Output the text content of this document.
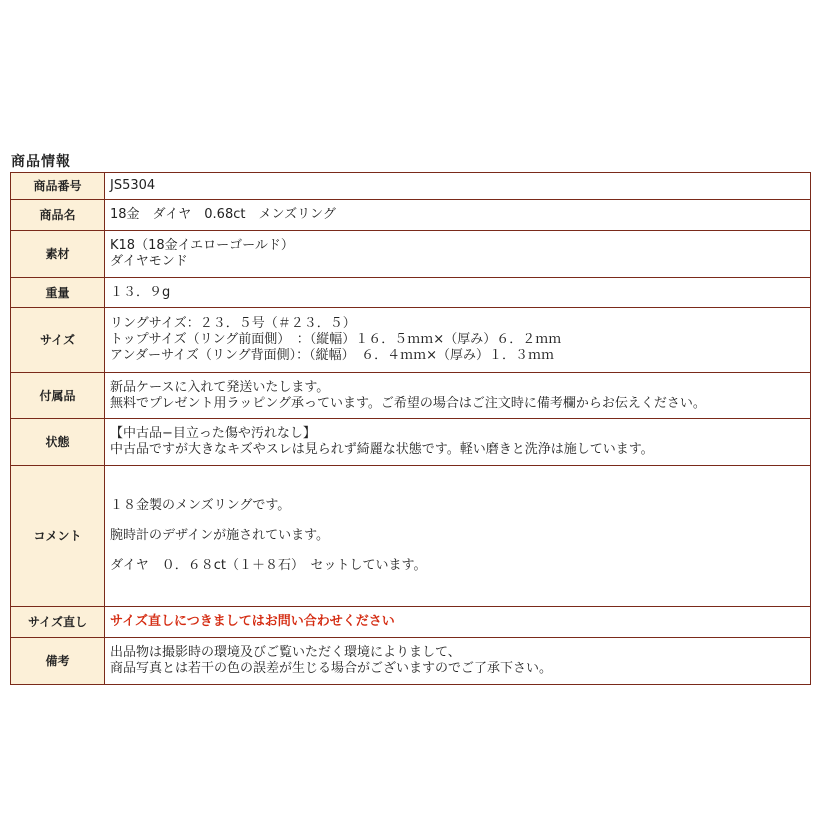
商品情報
商品番号	JS5304
商品名	18金　ダイヤ　0.68ct　メンズリング
素材	K18（18金イエローゴールド）
ダイヤモンド

重量	１３．９g
サイズ	リングサイズ：２３．５号（＃２３．５）
トップサイズ（リング前面側）　：（縦幅）１６．５ｍｍ×（厚み）６．２ｍｍ
アンダーサイズ（リング背面側）：（縦幅）　６．４ｍｍ×（厚み）１．３ｍｍ

付属品	新品ケースに入れて発送いたします。
無料でプレゼント用ラッピング承っています。ご希望の場合はご注文時に備考欄からお伝えください。

状態	【中古品−目立った傷や汚れなし】
中古品ですが大きなキズやスレは見られず綺麗な状態です。軽い磨きと洗浄は施しています。

コメント	１８金製のメンズリングです。
腕時計のデザインが施されています。
ダイヤ　０．６８ct（１＋８石）　セットしています。

サイズ直し	サイズ直しにつきましてはお問い合わせください
備考	出品物は撮影時の環境及びご覧いただく環境によりまして、
商品写真とは若干の色の誤差が生じる場合がございますのでご了承下さい。
